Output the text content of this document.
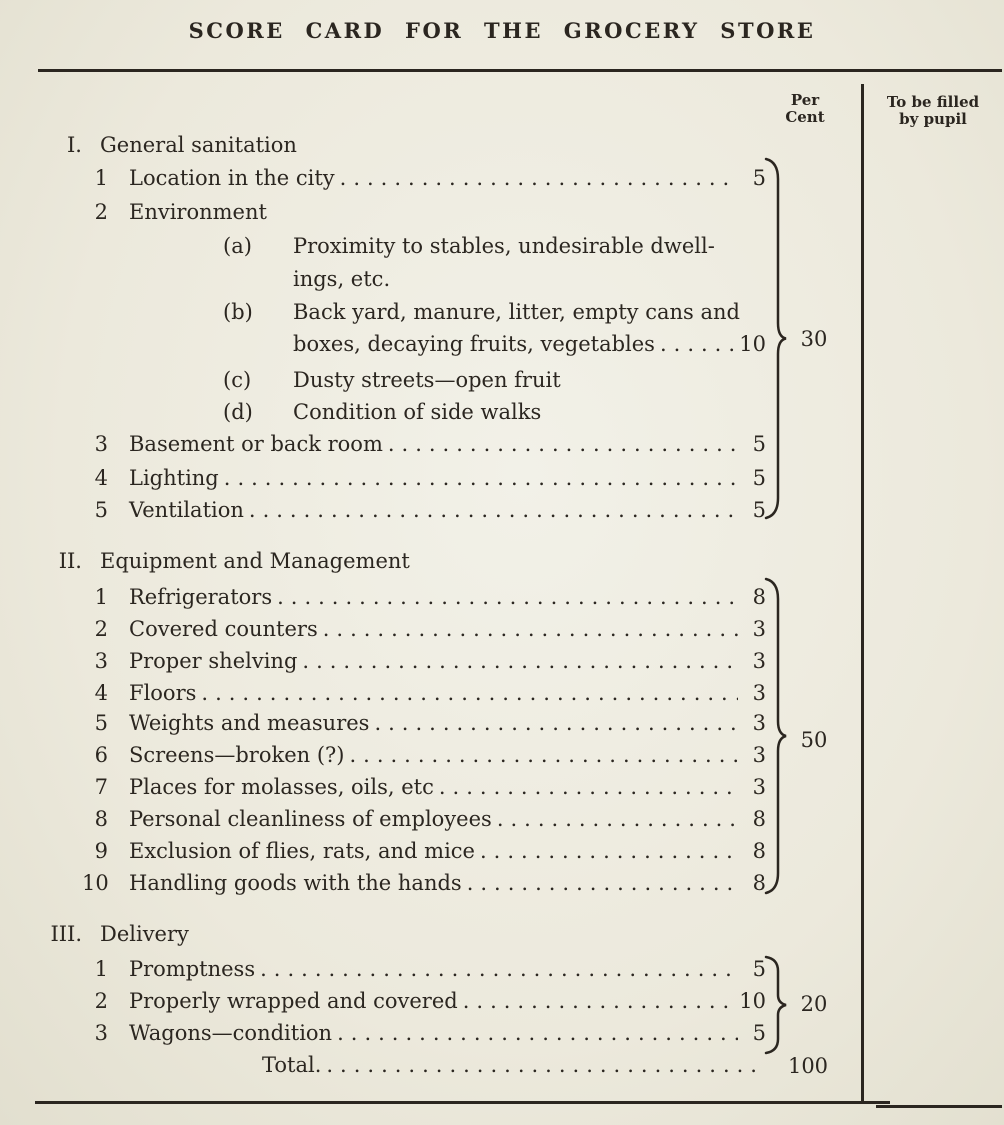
SCORE CARD FOR THE GROCERY STORE
Per
Cent
To be filled
by pupil
I. General sanitation
1 Location in the city .....	5
2 Environment
(a)	Proximity to stables, undesirable dwell-
ings, etc.
(b)	Back yard, manure, litter, empty cans and
boxes, decaying fruits, vegetables .....	10
(c)	Dusty streets—open fruit
(d)	Condition of side walks
3 Basement or back room .....	5
4 Lighting .....	5
5 Ventilation .....	5
30
II. Equipment and Management
1 Refrigerators .....	8
2 Covered counters .....	3
3 Proper shelving .....	3
4 Floors .....	3
5 Weights and measures .....	3
6 Screens—broken (?) .....	3
7 Places for molasses, oils, etc .....	3
8 Personal cleanliness of employees .....	8
9 Exclusion of flies, rats, and mice .....	8
10 Handling goods with the hands .....	8
50
III. Delivery
1 Promptness .....	5
2 Properly wrapped and covered .....	10
3 Wagons—condition .....	5
20
Total. .....	100
